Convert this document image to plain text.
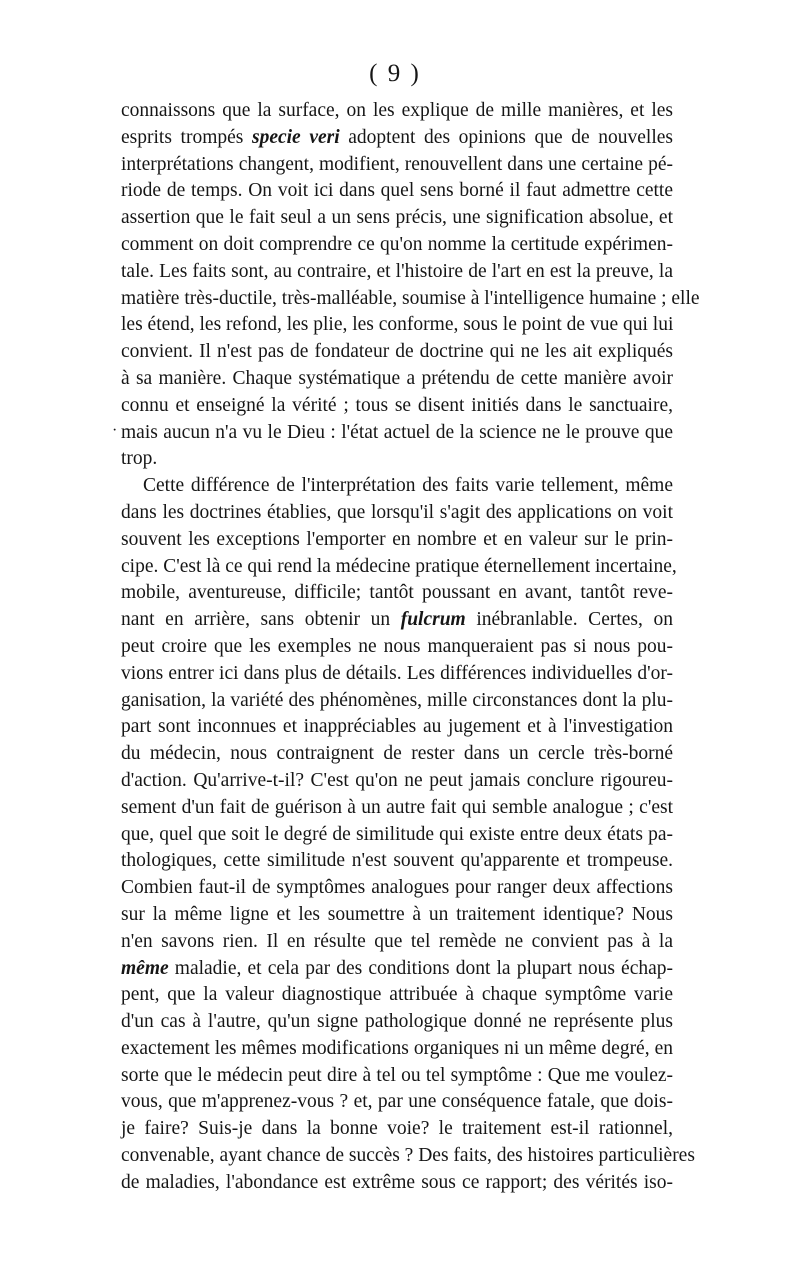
( 9 )
·
connaissons que la surface, on les explique de mille manières, et les
esprits trompés specie veri adoptent des opinions que de nouvelles
interprétations changent, modifient, renouvellent dans une certaine pé-
riode de temps. On voit ici dans quel sens borné il faut admettre cette
assertion que le fait seul a un sens précis, une signification absolue, et
comment on doit comprendre ce qu'on nomme la certitude expérimen-
tale. Les faits sont, au contraire, et l'histoire de l'art en est la preuve, la
matière très-ductile, très-malléable, soumise à l'intelligence humaine ; elle
les étend, les refond, les plie, les conforme, sous le point de vue qui lui
convient. Il n'est pas de fondateur de doctrine qui ne les ait expliqués
à sa manière. Chaque systématique a prétendu de cette manière avoir
connu et enseigné la vérité ; tous se disent initiés dans le sanctuaire,
mais aucun n'a vu le Dieu : l'état actuel de la science ne le prouve que
trop.
Cette différence de l'interprétation des faits varie tellement, même
dans les doctrines établies, que lorsqu'il s'agit des applications on voit
souvent les exceptions l'emporter en nombre et en valeur sur le prin-
cipe. C'est là ce qui rend la médecine pratique éternellement incertaine,
mobile, aventureuse, difficile; tantôt poussant en avant, tantôt reve-
nant en arrière, sans obtenir un fulcrum inébranlable. Certes, on
peut croire que les exemples ne nous manqueraient pas si nous pou-
vions entrer ici dans plus de détails. Les différences individuelles d'or-
ganisation, la variété des phénomènes, mille circonstances dont la plu-
part sont inconnues et inappréciables au jugement et à l'investigation
du médecin, nous contraignent de rester dans un cercle très-borné
d'action. Qu'arrive-t-il? C'est qu'on ne peut jamais conclure rigoureu-
sement d'un fait de guérison à un autre fait qui semble analogue ; c'est
que, quel que soit le degré de similitude qui existe entre deux états pa-
thologiques, cette similitude n'est souvent qu'apparente et trompeuse.
Combien faut-il de symptômes analogues pour ranger deux affections
sur la même ligne et les soumettre à un traitement identique? Nous
n'en savons rien. Il en résulte que tel remède ne convient pas à la
même maladie, et cela par des conditions dont la plupart nous échap-
pent, que la valeur diagnostique attribuée à chaque symptôme varie
d'un cas à l'autre, qu'un signe pathologique donné ne représente plus
exactement les mêmes modifications organiques ni un même degré, en
sorte que le médecin peut dire à tel ou tel symptôme : Que me voulez-
vous, que m'apprenez-vous ? et, par une conséquence fatale, que dois-
je faire? Suis-je dans la bonne voie? le traitement est-il rationnel,
convenable, ayant chance de succès ? Des faits, des histoires particulières
de maladies, l'abondance est extrême sous ce rapport; des vérités iso-
